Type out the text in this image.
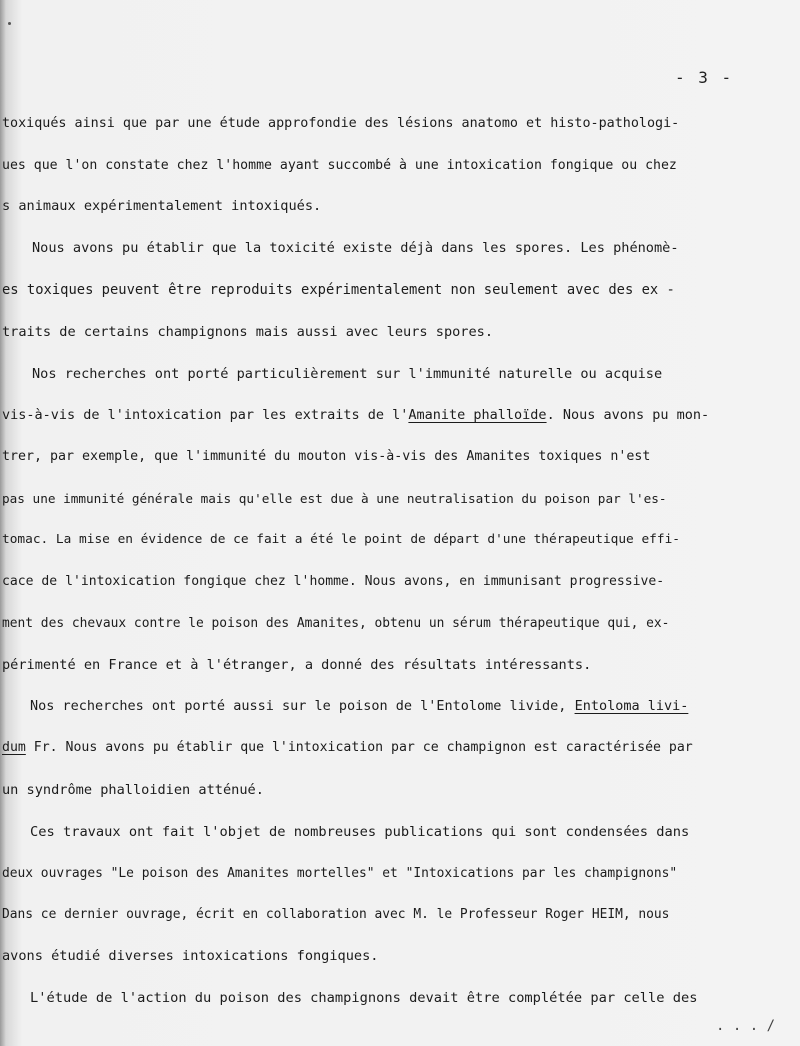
- 3 -
toxiqués ainsi que par une étude approfondie des lésions anatomo et histo-pathologi-
ues que l'on constate chez l'homme ayant succombé à une intoxication fongique ou chez
s animaux expérimentalement intoxiqués.
Nous avons pu établir que la toxicité existe déjà dans les spores. Les phénomè-
es toxiques peuvent être reproduits expérimentalement non seulement avec des ex -
traits de certains champignons mais aussi avec leurs spores.
Nos recherches ont porté particulièrement sur l'immunité naturelle ou acquise
vis-à-vis de l'intoxication par les extraits de l'Amanite phalloïde. Nous avons pu mon-
trer, par exemple, que l'immunité du mouton vis-à-vis des Amanites toxiques n'est
pas une immunité générale mais qu'elle est due à une neutralisation du poison par l'es-
tomac. La mise en évidence de ce fait a été le point de départ d'une thérapeutique effi-
cace de l'intoxication fongique chez l'homme. Nous avons, en immunisant progressive-
ment des chevaux contre le poison des Amanites, obtenu un sérum thérapeutique qui, ex-
périmenté en France et à l'étranger, a donné des résultats intéressants.
Nos recherches ont porté aussi sur le poison de l'Entolome livide, Entoloma livi-
dum Fr. Nous avons pu établir que l'intoxication par ce champignon est caractérisée par
un syndrôme phalloidien atténué.
Ces travaux ont fait l'objet de nombreuses publications qui sont condensées dans
deux ouvrages "Le poison des Amanites mortelles" et "Intoxications par les champignons"
Dans ce dernier ouvrage, écrit en collaboration avec M. le Professeur Roger HEIM, nous
avons étudié diverses intoxications fongiques.
L'étude de l'action du poison des champignons devait être complétée par celle des
. . . /
